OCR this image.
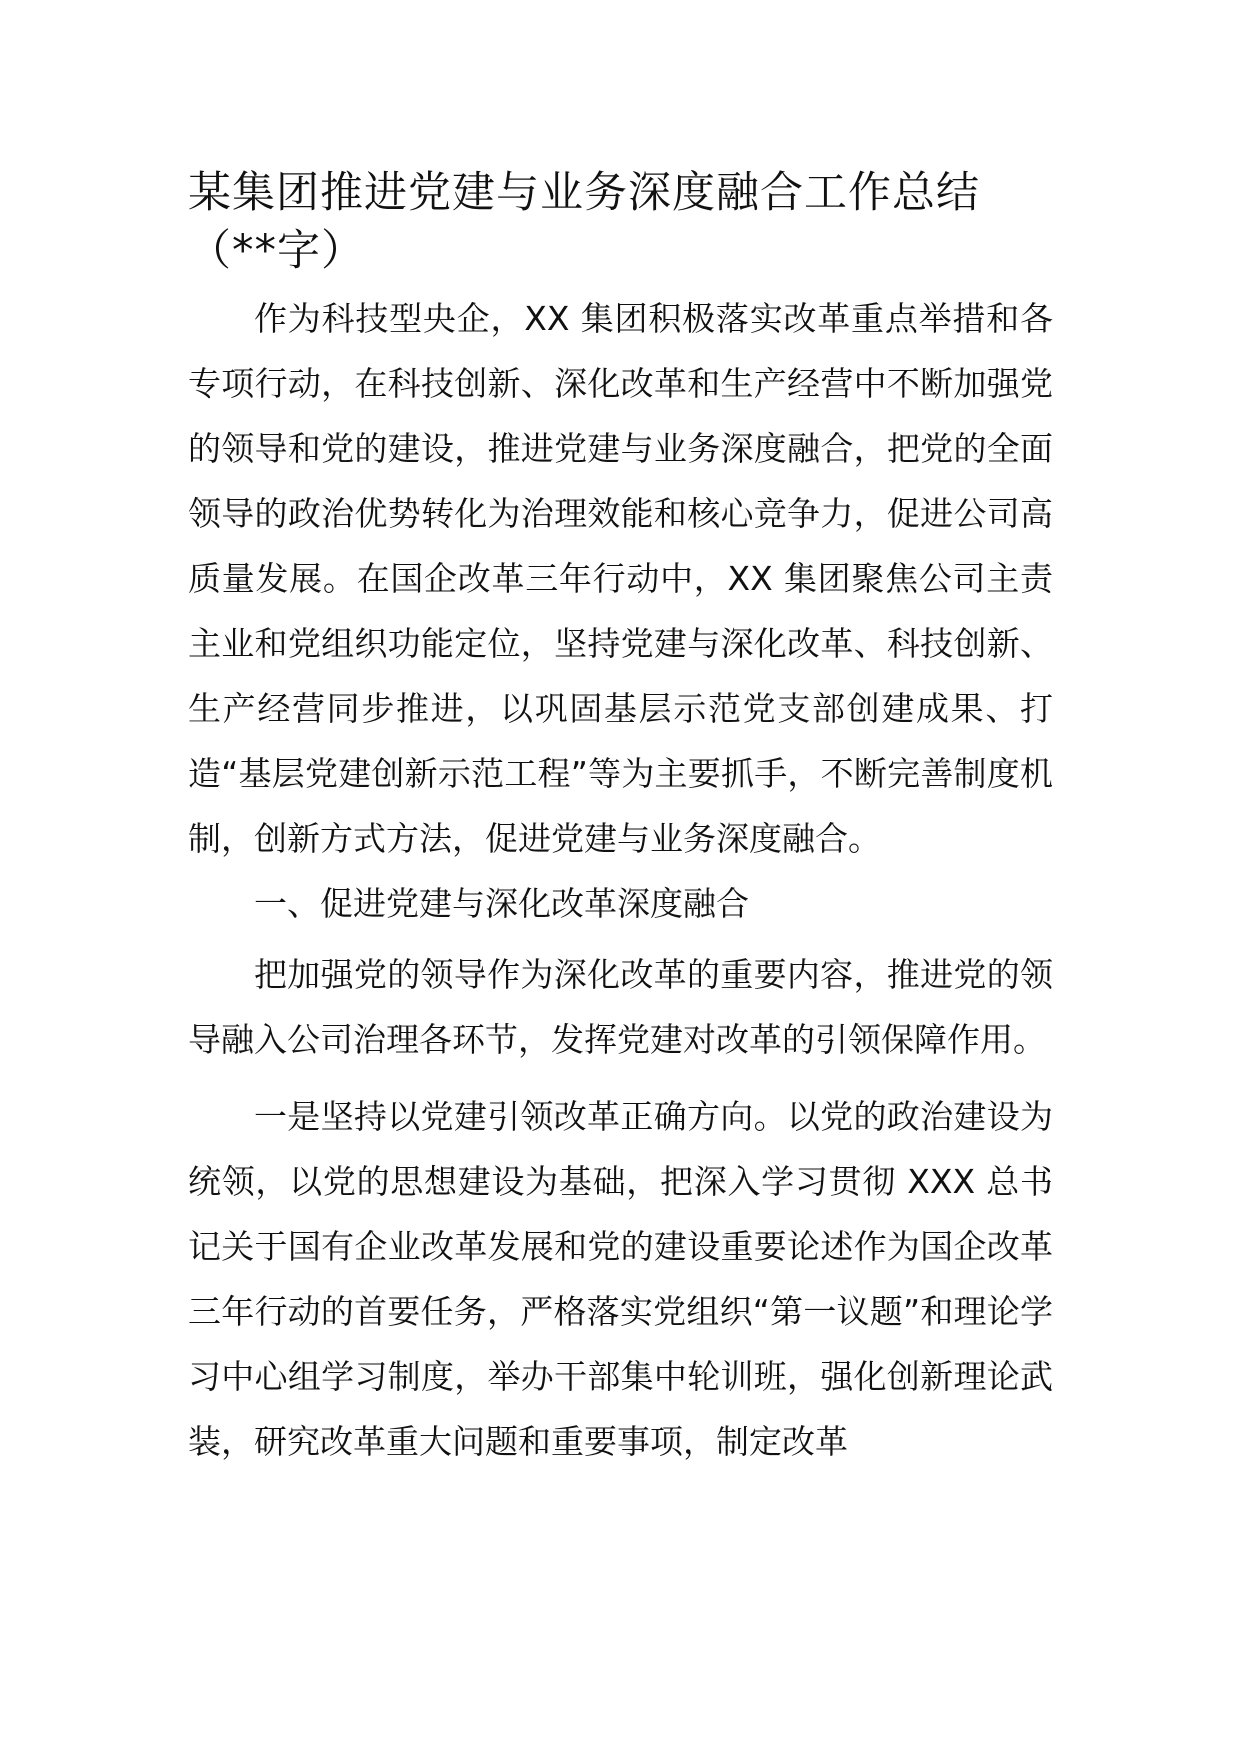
某集团推进党建与业务深度融合工作总结（**字）

作为科技型央企，XX 集团积极落实改革重点举措和各专项行动，在科技创新、深化改革和生产经营中不断加强党的领导和党的建设，推进党建与业务深度融合，把党的全面领导的政治优势转化为治理效能和核心竞争力，促进公司高质量发展。在国企改革三年行动中，XX 集团聚焦公司主责主业和党组织功能定位，坚持党建与深化改革、科技创新、生产经营同步推进，以巩固基层示范党支部创建成果、打造“基层党建创新示范工程”等为主要抓手，不断完善制度机制，创新方式方法，促进党建与业务深度融合。

一、促进党建与深化改革深度融合

把加强党的领导作为深化改革的重要内容，推进党的领导融入公司治理各环节，发挥党建对改革的引领保障作用。

一是坚持以党建引领改革正确方向。以党的政治建设为统领，以党的思想建设为基础，把深入学习贯彻 XXX 总书记关于国有企业改革发展和党的建设重要论述作为国企改革三年行动的首要任务，严格落实党组织“第一议题”和理论学习中心组学习制度，举办干部集中轮训班，强化创新理论武装，研究改革重大问题和重要事项，制定改革
